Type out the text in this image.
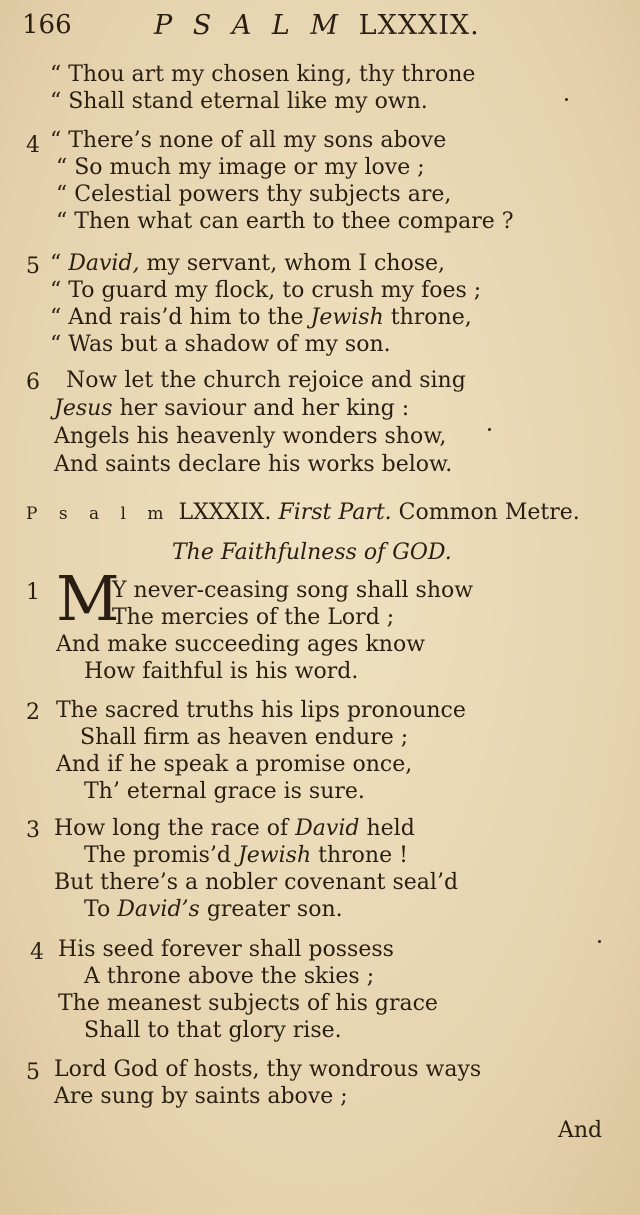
166	P S A L M LXXXIX.
“ Thou art my chosen king, thy throne
“ Shall stand eternal like my own.
4 “ There’s none of all my sons above
“ So much my image or my love ;
“ Celestial powers thy subjects are,
“ Then what can earth to thee compare ?
5 “ David, my servant, whom I chose,
“ To guard my flock, to crush my foes ;
“ And rais’d him to the Jewish throne,
“ Was but a shadow of my son.
6 Now let the church rejoice and sing
Jesus her saviour and her king :
Angels his heavenly wonders show,
And saints declare his works below.
P s a l m LXXXIX. First Part. Common Metre.
The Faithfulness of GOD.
1 M
Y never-ceasing song shall show
The mercies of the Lord ;
And make succeeding ages know
How faithful is his word.
2 The sacred truths his lips pronounce
Shall firm as heaven endure ;
And if he speak a promise once,
Th’ eternal grace is sure.
3 How long the race of David held
The promis’d Jewish throne !
But there’s a nobler covenant seal’d
To David’s greater son.
4 His seed forever shall possess
A throne above the skies ;
The meanest subjects of his grace
Shall to that glory rise.
5 Lord God of hosts, thy wondrous ways
Are sung by saints above ;
And
